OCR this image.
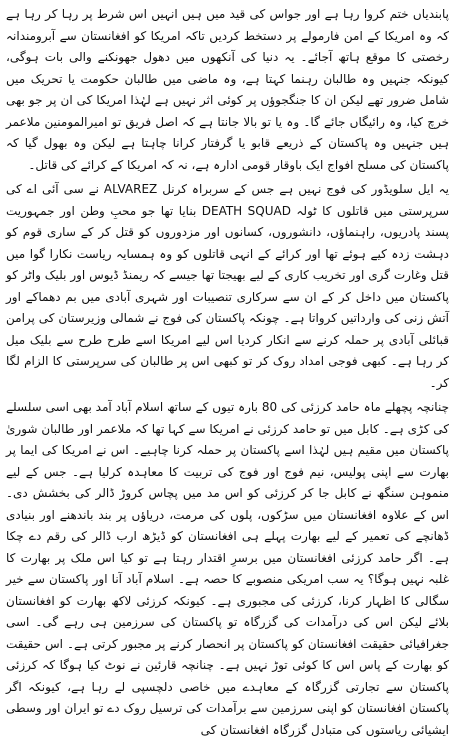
پابندیاں ختم کروا رہا ہے اور جواس کی قید میں ہیں انہیں اس شرط پر رہا کر رہا ہے کہ وہ امریکا کے امن فارمولے پر دستخط کردیں تاکہ امریکا کو افغانستان سے آبرومندانہ رخصتی کا موقع ہاتھ آجائے۔ یہ دنیا کی آنکھوں میں دھول جھونکنے والی بات ہوگی، کیونکہ جنہیں وہ طالبان رہنما کہتا ہے، وہ ماضی میں طالبان حکومت یا تحریک میں شامل ضرور تھے لیکن ان کا جنگجوؤں پر کوئی اثر نہیں ہے لہٰذا امریکا کی ان پر جو بھی خرچ کیا، وہ رائیگاں جائے گا۔ وہ یا تو بالا جانتا ہے کہ اصل فریق تو امیرالمومنین ملاعمر ہیں جنہیں وہ پاکستان کے ذریعے قابو یا گرفتار کرانا چاہتا ہے لیکن وہ بھول گیا کہ پاکستان کی مسلح افواج ایک باوقار قومی ادارہ ہے، نہ کہ امریکا کے کرائے کی قاتل۔

یہ ایل سلویڈور کی فوج نہیں ہے جس کے سربراہ کرنل ALVAREZ نے سی آئی اے کی سرپرستی میں قاتلوں کا ٹولہ DEATH SQUAD بنایا تھا جو محبِ وطن اور جمہوریت پسند پادریوں، راہنماؤں، دانشوروں، کسانوں اور مزدوروں کو قتل کر کے ساری قوم کو دہشت زدہ کیے ہوئے تھا اور کرائے کے انہی قاتلوں کو وہ ہمسایہ ریاست نکارا گوا میں قتل وغارت گری اور تخریب کاری کے لیے بھیجتا تھا جیسے کہ ریمنڈ ڈیوس اور بلیک واٹر کو پاکستان میں داخل کر کے ان سے سرکاری تنصیبات اور شہری آبادی میں بم دھماکے اور آتش زنی کی وارداتیں کرواتا ہے۔ چونکہ پاکستان کی فوج نے شمالی وزیرستان کی پرامن قبائلی آبادی پر حملہ کرنے سے انکار کردیا اس لیے امریکا اسے طرح طرح سے بلیک میل کر رہا ہے۔ کبھی فوجی امداد روک کر تو کبھی اس پر طالبان کی سرپرستی کا الزام لگا کر۔

چنانچہ پچھلے ماہ حامد کرزئی کی 80 بارہ تیوں کے ساتھ اسلام آباد آمد بھی اسی سلسلے کی کڑی ہے۔ کابل میں تو حامد کرزئی نے امریکا سے کہا تھا کہ ملاعمر اور طالبان شوریٰ پاکستان میں مقیم ہیں لہٰذا اسے پاکستان پر حملہ کرنا چاہیے۔ اس نے امریکا کی ایما پر بھارت سے اپنی پولیس، نیم فوج اور فوج کی تربیت کا معاہدہ کرلیا ہے۔ جس کے لیے منموہن سنگھ نے کابل جا کر کرزئی کو اس مد میں پچاس کروڑ ڈالر کی بخشش دی۔ اس کے علاوہ افغانستان میں سڑکوں، پلوں کی مرمت، دریاؤں پر بند باندھنے اور بنیادی ڈھانچے کی تعمیر کے لیے بھارت پہلے ہی افغانستان کو ڈیڑھ ارب ڈالر کی رقم دے چکا ہے۔ اگر حامد کرزئی افغانستان میں برسرِ اقتدار رہتا ہے تو کیا اس ملک پر بھارت کا غلبہ نہیں ہوگا؟ یہ سب امریکی منصوبے کا حصہ ہے۔ اسلام آباد آنا اور پاکستان سے خیر سگالی کا اظہار کرنا، کرزئی کی مجبوری ہے۔ کیونکہ کرزئی لاکھ بھارت کو افغانستان بلائے لیکن اس کی درآمدات کی گزرگاہ تو پاکستان کی سرزمین ہی رہے گی۔ اسی جغرافیائی حقیقت افغانستان کو پاکستان پر انحصار کرنے پر مجبور کرتی ہے۔ اس حقیقت کو بھارت کے پاس اس کا کوئی توڑ نہیں ہے۔ چنانچہ قارئین نے نوٹ کیا ہوگا کہ کرزئی پاکستان سے تجارتی گزرگاہ کے معاہدے میں خاصی دلچسپی لے رہا ہے، کیونکہ اگر پاکستان افغانستان کو اپنی سرزمین سے برآمدات کی ترسیل روک دے تو ایران اور وسطی ایشیائی ریاستوں کی متبادل گزرگاہ افغانستان کی
